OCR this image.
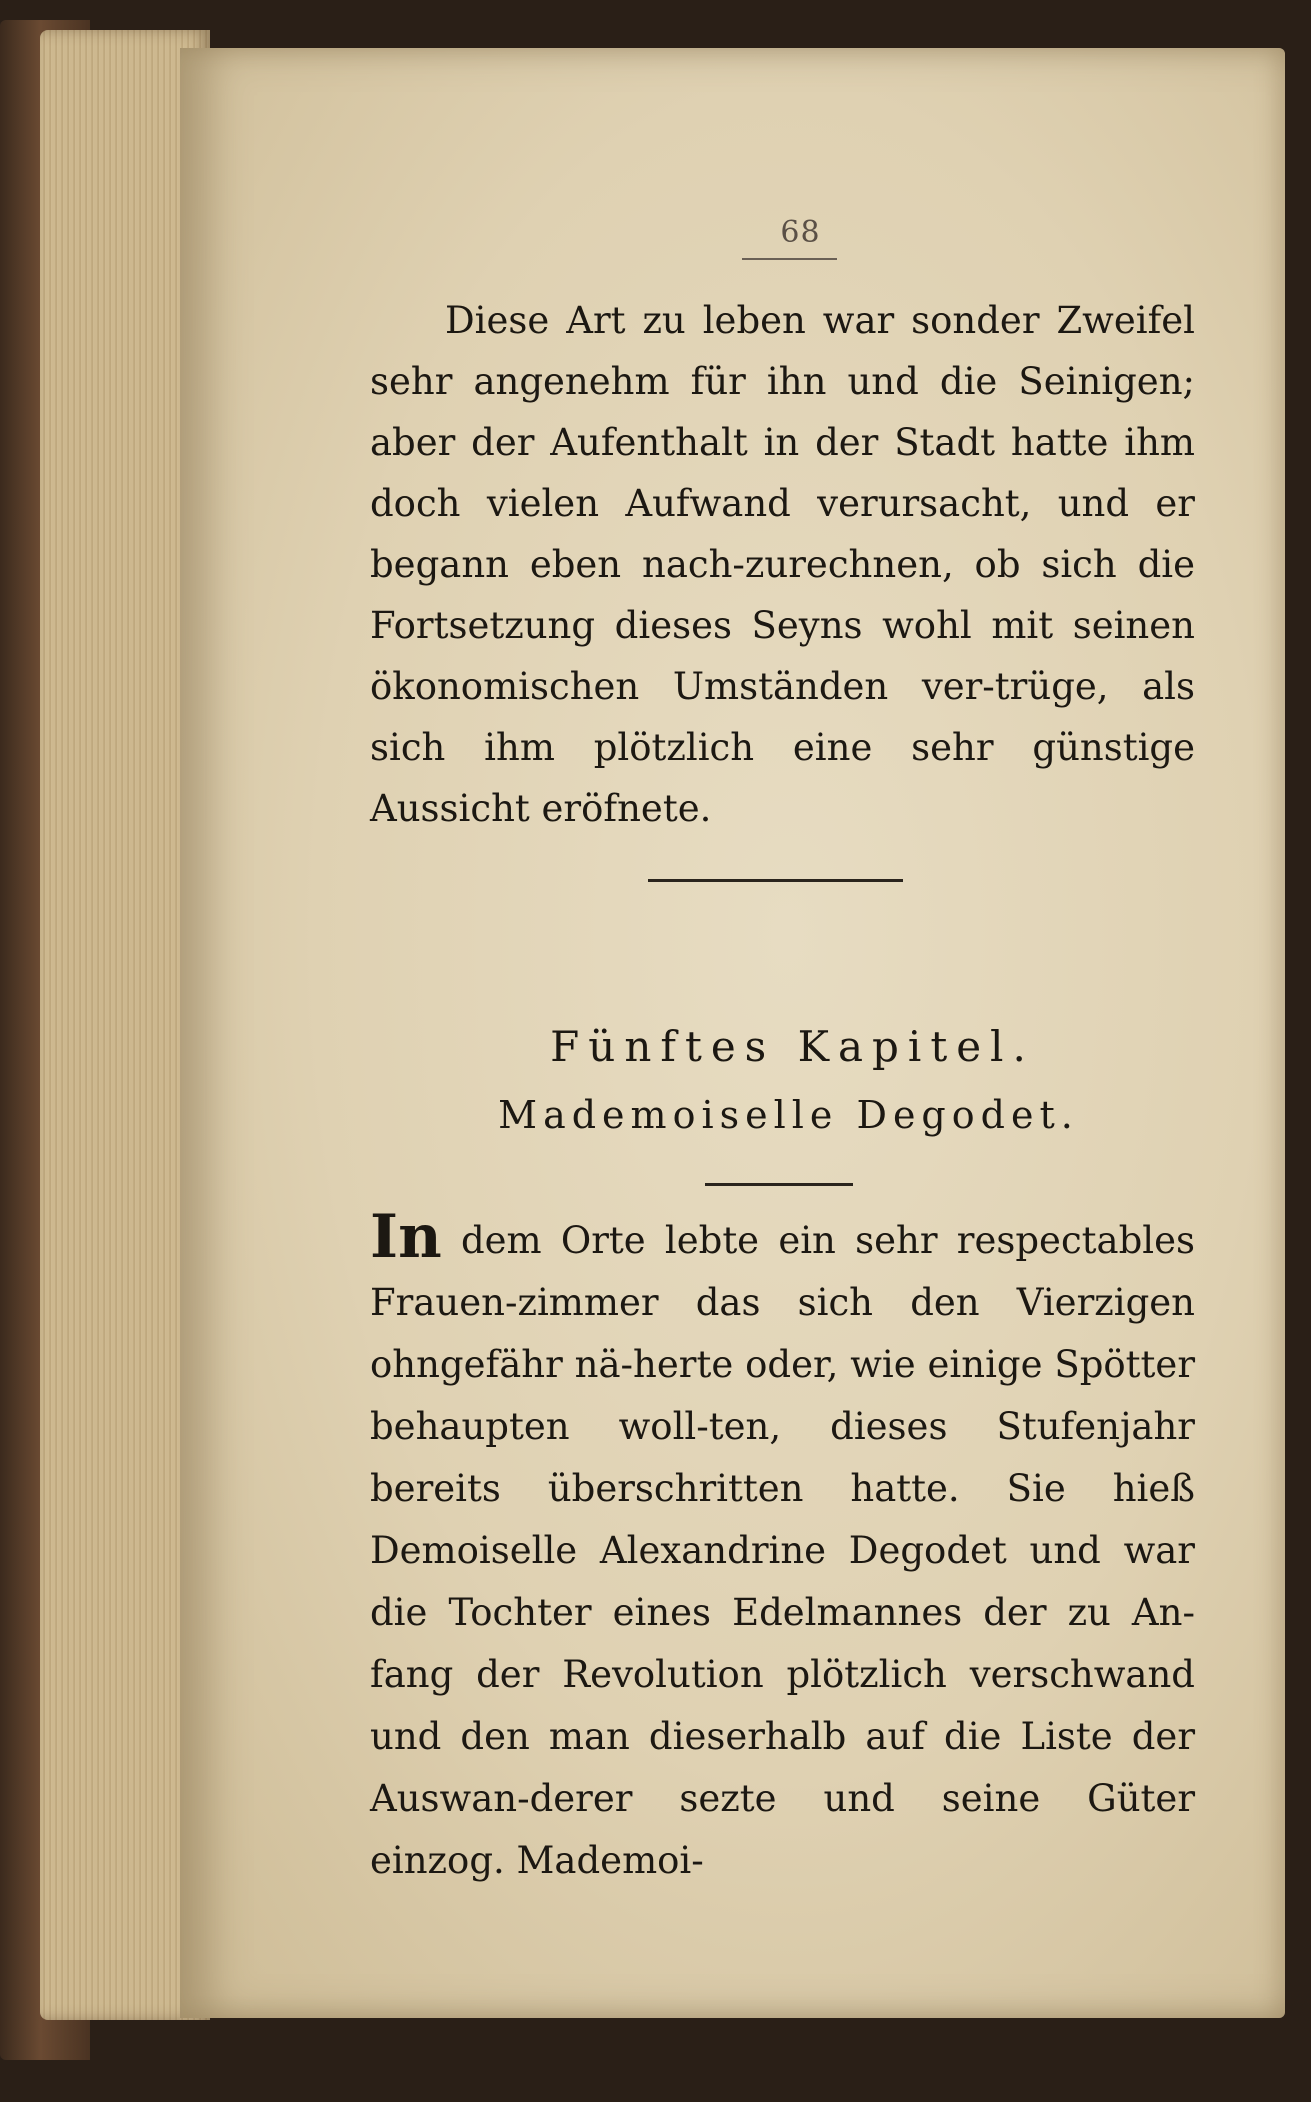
68

Diese Art zu leben war sonder Zweifel sehr angenehm für ihn und die Seinigen; aber der Aufenthalt in der Stadt hatte ihm doch vielen Aufwand verursacht, und er begann eben nach-zurechnen, ob sich die Fortsetzung dieses Seyns wohl mit seinen ökonomischen Umständen ver-trüge, als sich ihm plötzlich eine sehr günstige Aussicht eröfnete.

Fünftes Kapitel.
Mademoiselle Degodet.

In dem Orte lebte ein sehr respectables Frauen-zimmer das sich den Vierzigen ohngefähr nä-herte oder, wie einige Spötter behaupten woll-ten, dieses Stufenjahr bereits überschritten hatte. Sie hieß Demoiselle Alexandrine Degodet und war die Tochter eines Edelmannes der zu An-fang der Revolution plötzlich verschwand und den man dieserhalb auf die Liste der Auswan-derer sezte und seine Güter einzog. Mademoi-
